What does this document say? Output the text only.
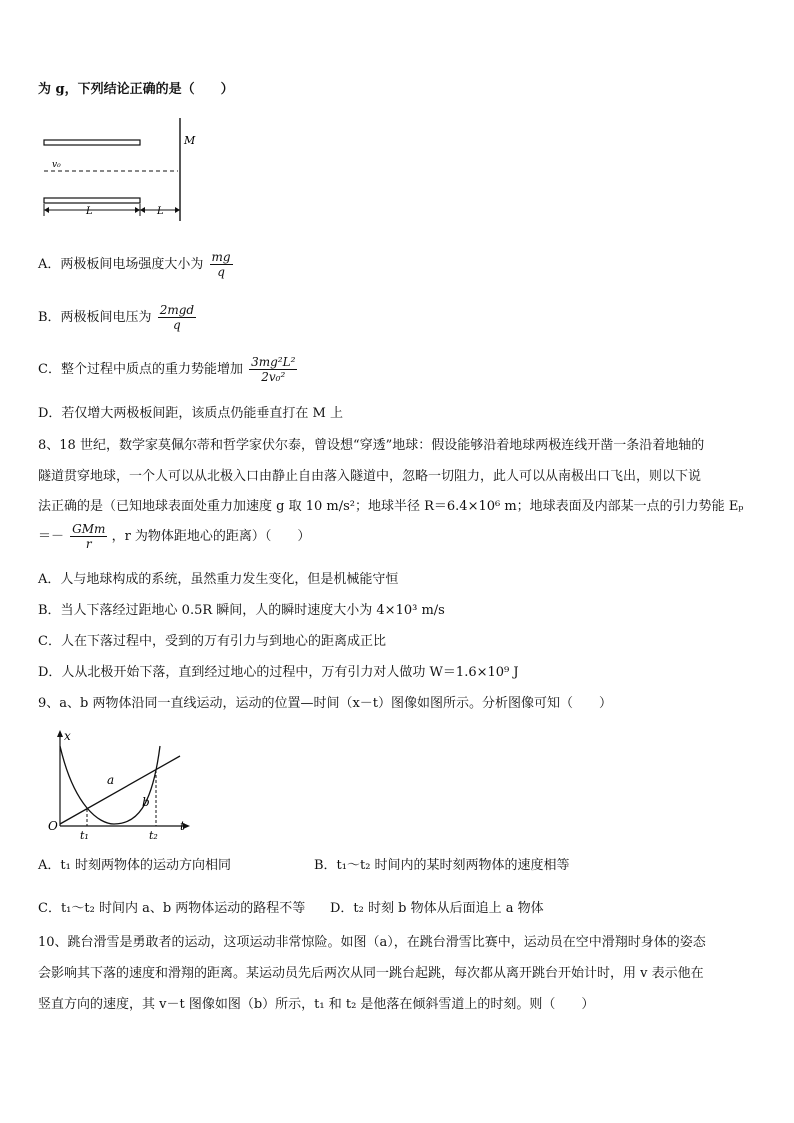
为 g，下列结论正确的是（　　）
M
v₀
L	L
A．两极板间电场强度大小为 $\frac{mg}{q}$
B．两极板间电压为 $\frac{\text{2mgd}}{q}$
C．整个过程中质点的重力势能增加 $\frac{\text{3mg²L²}}{\text{2v₀²}}$
D．若仅增大两极板间距，该质点仍能垂直打在 M 上
8、18 世纪，数学家莫佩尔蒂和哲学家伏尔泰，曾设想“穿透”地球：假设能够沿着地球两极连线开凿一条沿着地轴的
隧道贯穿地球，一个人可以从北极入口由静止自由落入隧道中，忽略一切阻力，此人可以从南极出口飞出，则以下说
法正确的是（已知地球表面处重力加速度 g 取 10 m/s²；地球半径 R＝6.4×10⁶ m；地球表面及内部某一点的引力势能 Eₚ
＝－ $\frac{\text{GMm}}{r}$ ，r 为物体距地心的距离）（　　）
A．人与地球构成的系统，虽然重力发生变化，但是机械能守恒
B．当人下落经过距地心 0.5R 瞬间，人的瞬时速度大小为 4×10³ m/s
C．人在下落过程中，受到的万有引力与到地心的距离成正比
D．人从北极开始下落，直到经过地心的过程中，万有引力对人做功 W＝1.6×10⁹ J
9、a、b 两物体沿同一直线运动，运动的位置—时间（x－t）图像如图所示。分析图像可知（　　）
x
t
O
a
b
t₁	t₂
A．t₁ 时刻两物体的运动方向相同	B．t₁～t₂ 时间内的某时刻两物体的速度相等
C．t₁～t₂ 时间内 a、b 两物体运动的路程不等 D．t₂ 时刻 b 物体从后面追上 a 物体
10、跳台滑雪是勇敢者的运动，这项运动非常惊险。如图（a），在跳台滑雪比赛中，运动员在空中滑翔时身体的姿态
会影响其下落的速度和滑翔的距离。某运动员先后两次从同一跳台起跳，每次都从离开跳台开始计时，用 v 表示他在
竖直方向的速度，其 v－t 图像如图（b）所示，t₁ 和 t₂ 是他落在倾斜雪道上的时刻。则（　　）
